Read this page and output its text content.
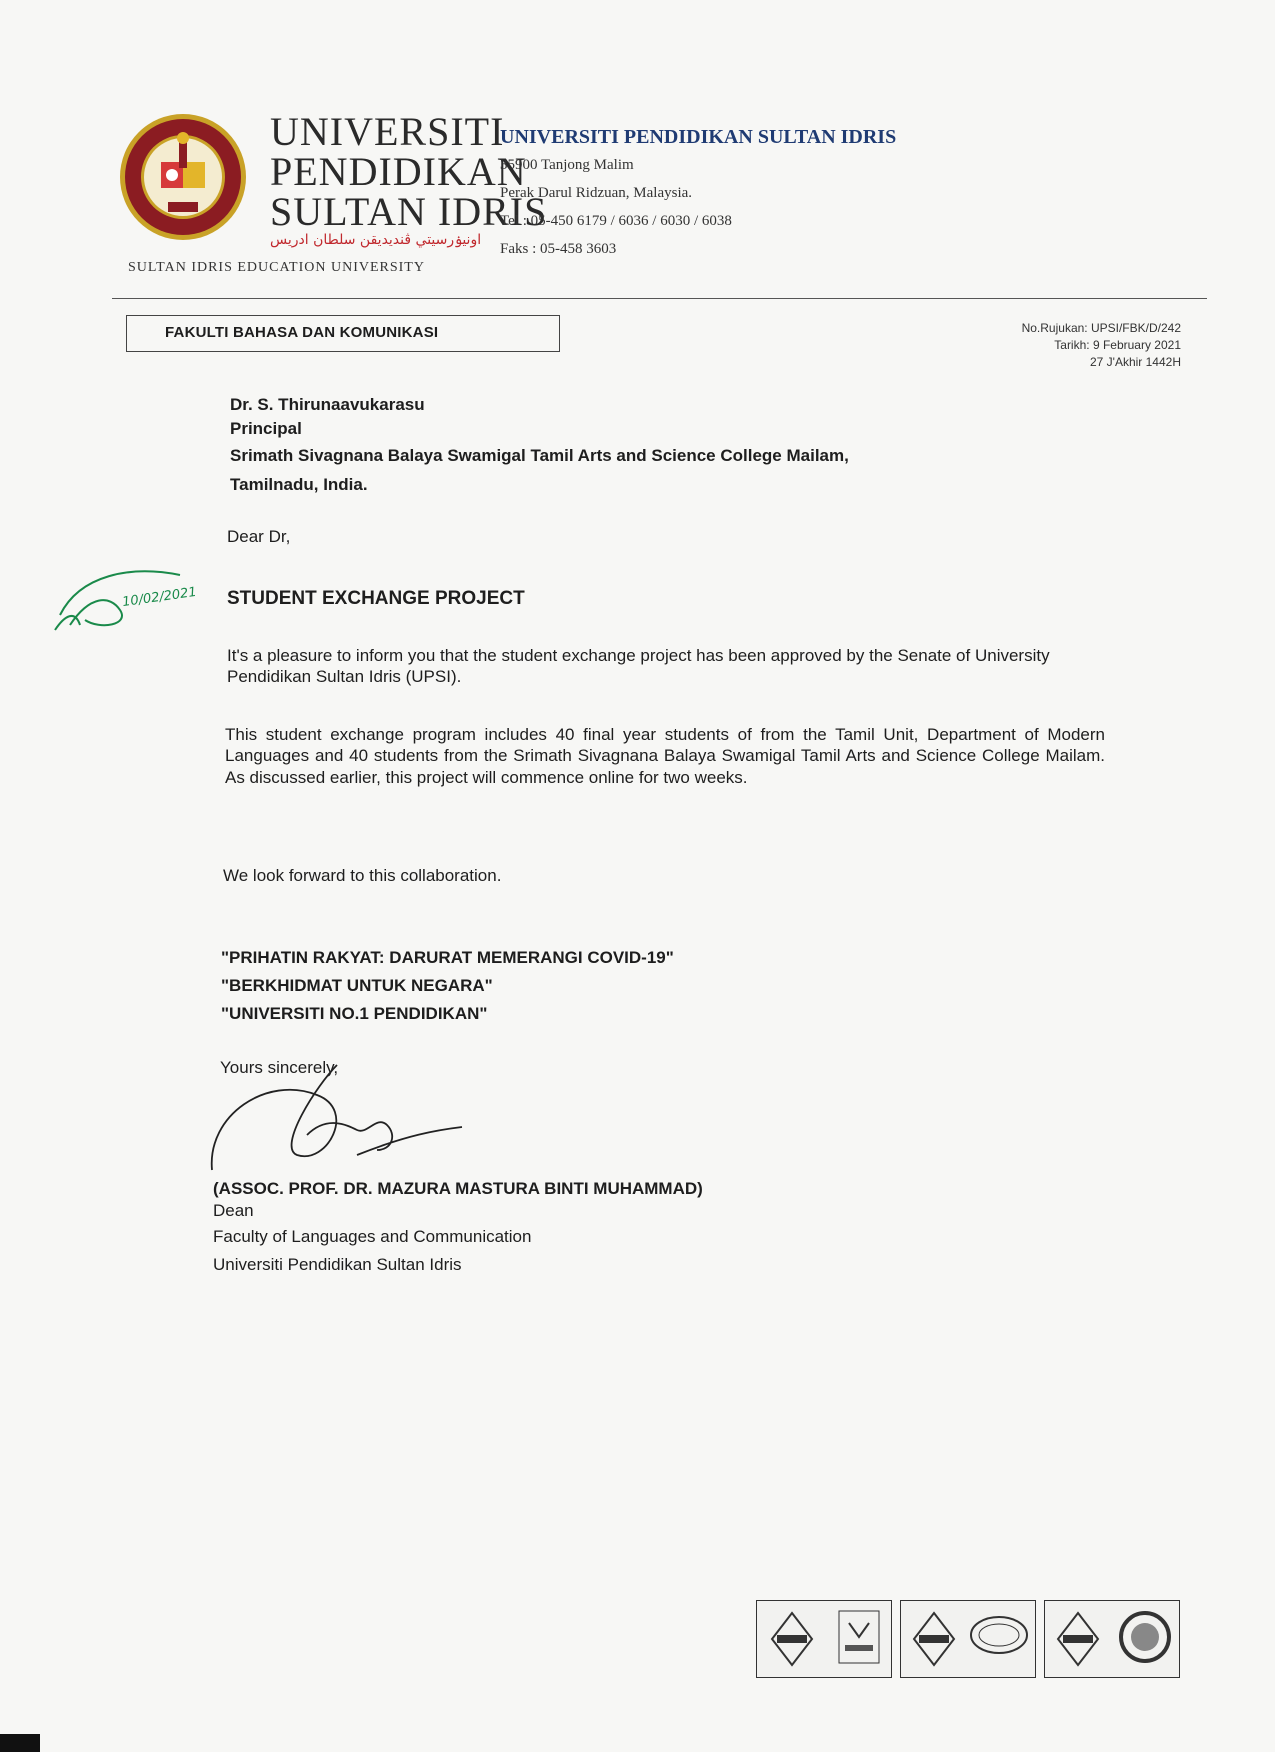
UNIVERSITI
PENDIDIKAN
SULTAN IDRIS
اونيۏرسيتي ڤنديديقن سلطان ادريس
SULTAN IDRIS EDUCATION UNIVERSITY
UNIVERSITI PENDIDIKAN SULTAN IDRIS
35900 Tanjong Malim
Perak Darul Ridzuan, Malaysia.
Tel : 05-450 6179 / 6036 / 6030 / 6038
Faks : 05-458 3603
FAKULTI BAHASA DAN KOMUNIKASI	No.Rujukan: UPSI/FBK/D/242
Tarikh: 9 February 2021
27 J'Akhir 1442H
Dr. S. Thirunaavukarasu
Principal
Srimath Sivagnana Balaya Swamigal Tamil Arts and Science College Mailam,
Tamilnadu, India.
Dear Dr,
10/02/2021 STUDENT EXCHANGE PROJECT
It's a pleasure to inform you that the student exchange project has been approved by the Senate of University Pendidikan Sultan Idris (UPSI).
This student exchange program includes 40 final year students of from the Tamil Unit, Department of Modern Languages and 40 students from the Srimath Sivagnana Balaya Swamigal Tamil Arts and Science College Mailam. As discussed earlier, this project will commence online for two weeks.
We look forward to this collaboration.
"PRIHATIN RAKYAT: DARURAT MEMERANGI COVID-19"
"BERKHIDMAT UNTUK NEGARA"
"UNIVERSITI NO.1 PENDIDIKAN"
Yours sincerely,
(ASSOC. PROF. DR. MAZURA MASTURA BINTI MUHAMMAD)
Dean
Faculty of Languages and Communication
Universiti Pendidikan Sultan Idris
